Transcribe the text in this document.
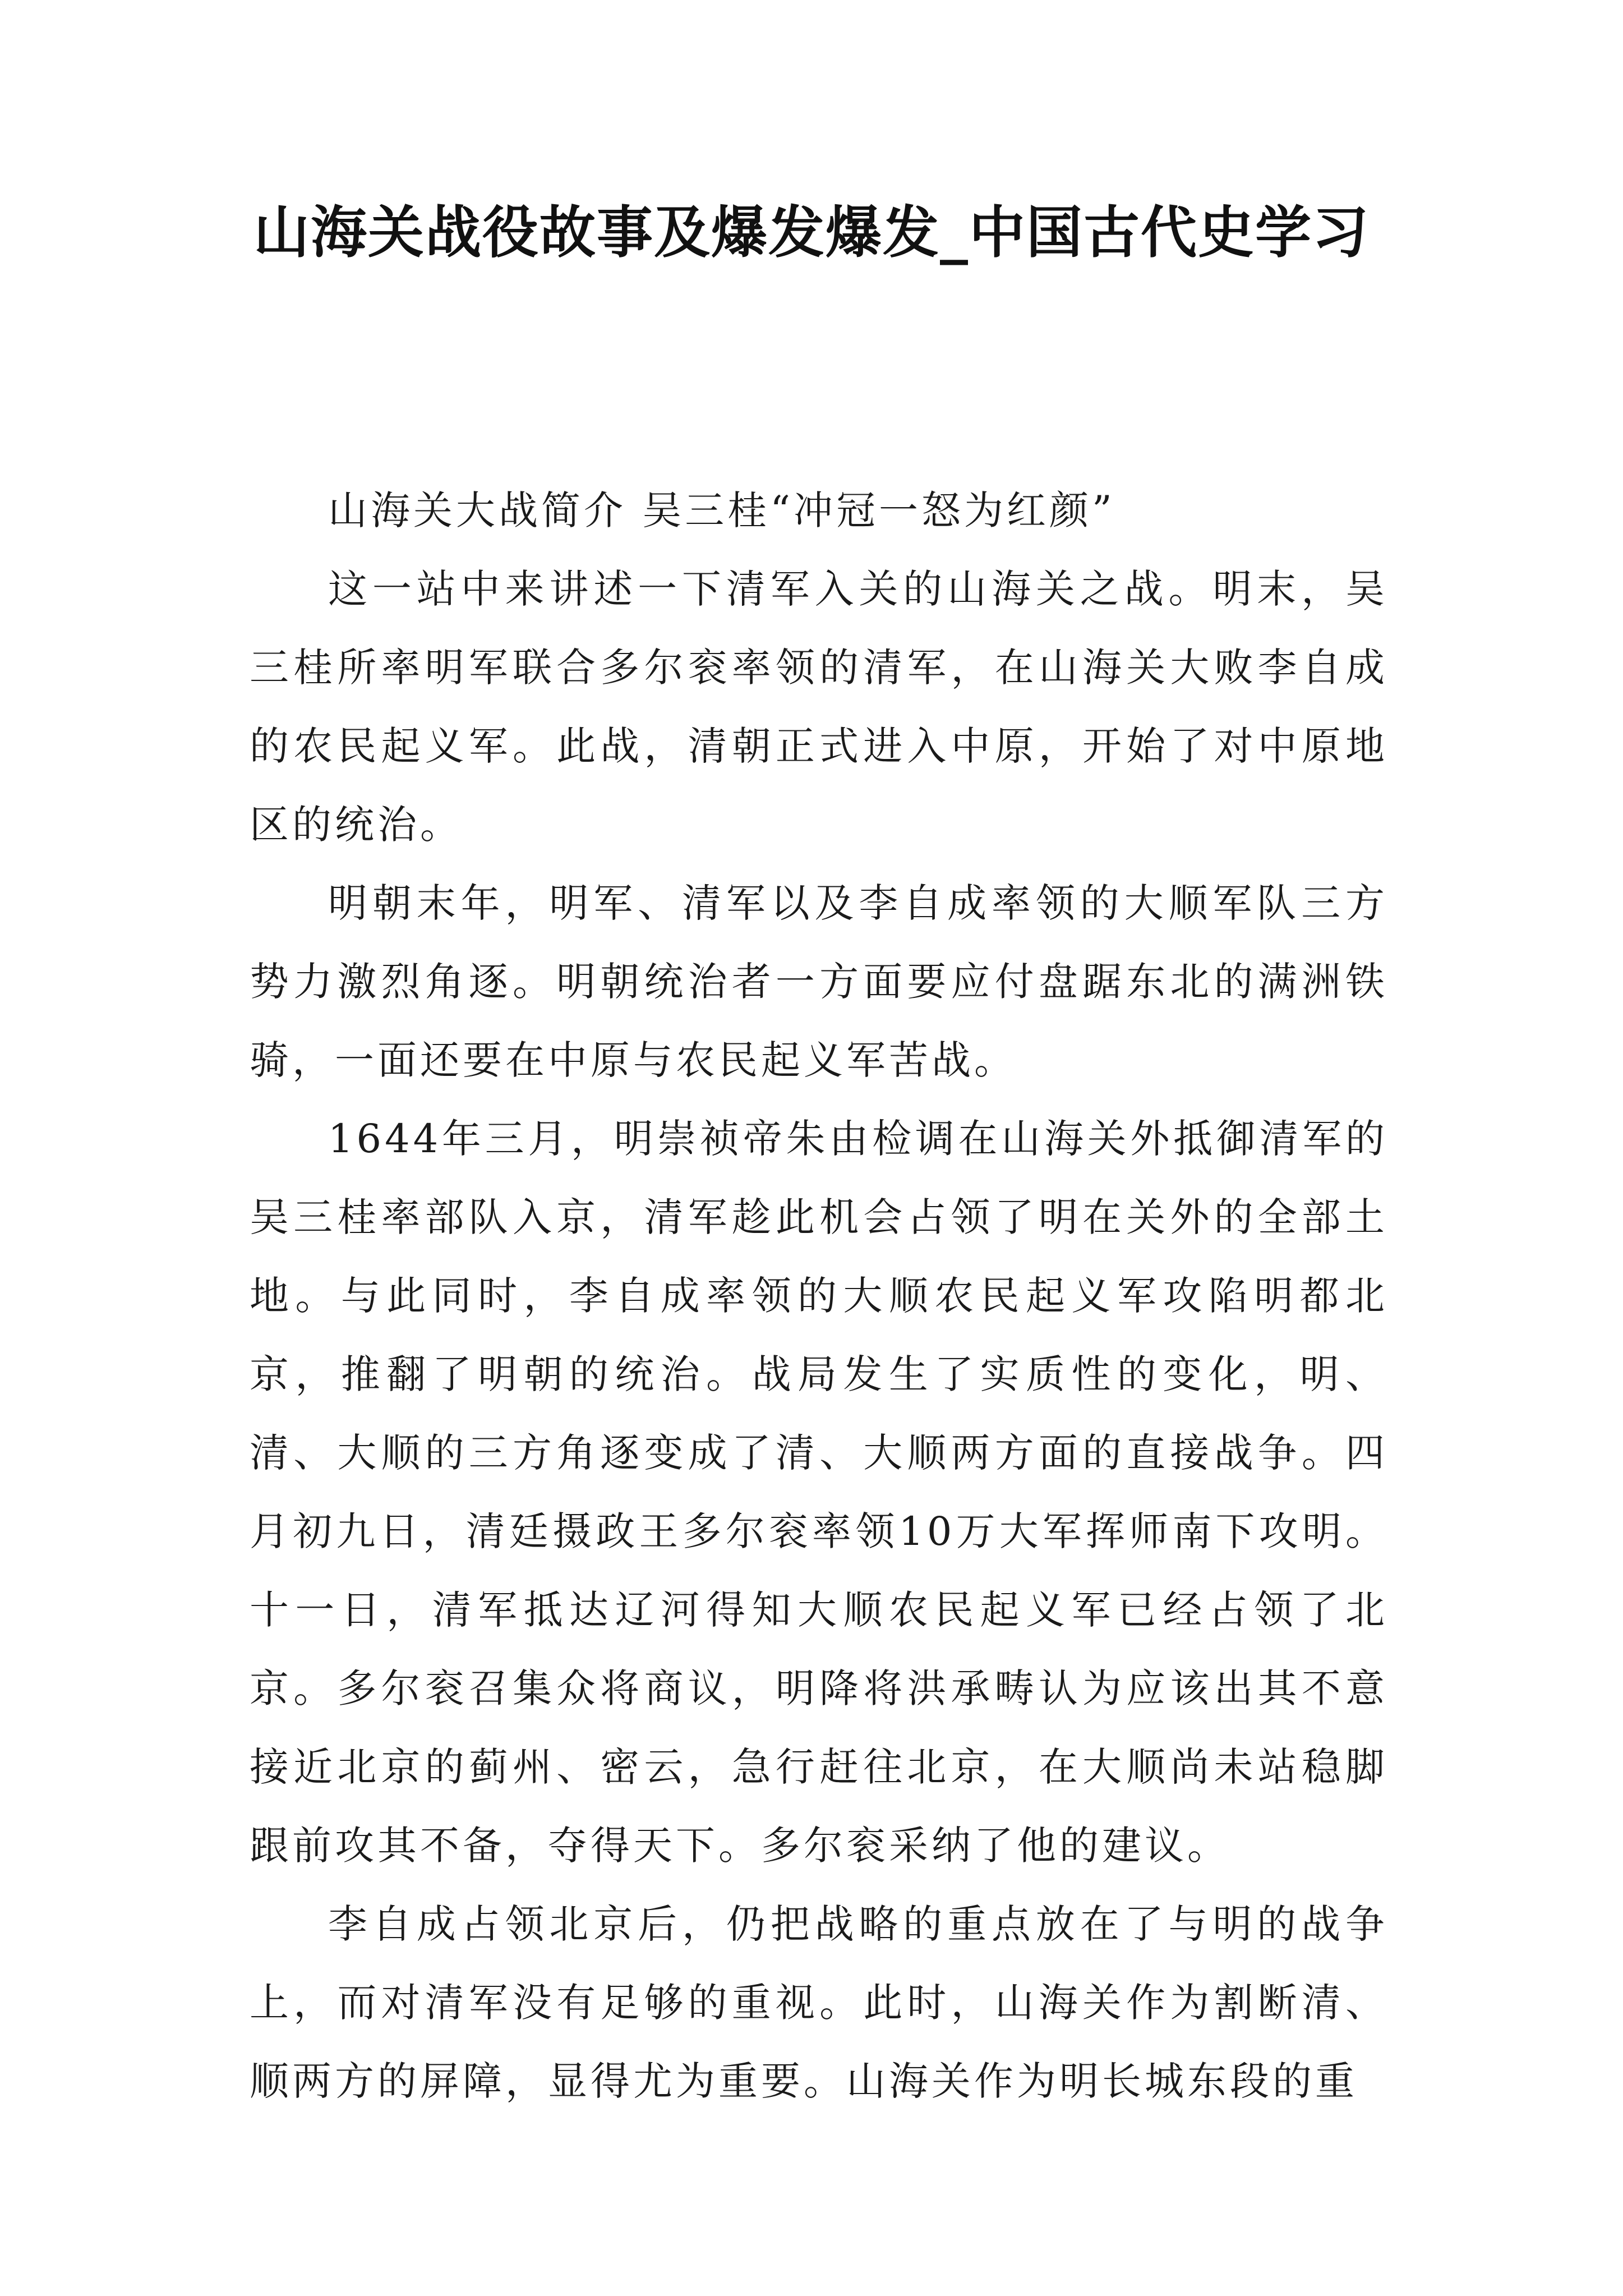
山海关战役故事及爆发爆发_中国古代史学习

山海关大战简介 吴三桂“冲冠一怒为红颜”

这一站中来讲述一下清军入关的山海关之战。明末，吴三桂所率明军联合多尔衮率领的清军，在山海关大败李自成的农民起义军。此战，清朝正式进入中原，开始了对中原地区的统治。

明朝末年，明军、清军以及李自成率领的大顺军队三方势力激烈角逐。明朝统治者一方面要应付盘踞东北的满洲铁骑，一面还要在中原与农民起义军苦战。

1644年三月，明崇祯帝朱由检调在山海关外抵御清军的吴三桂率部队入京，清军趁此机会占领了明在关外的全部土地。与此同时，李自成率领的大顺农民起义军攻陷明都北京，推翻了明朝的统治。战局发生了实质性的变化，明、清、大顺的三方角逐变成了清、大顺两方面的直接战争。四月初九日，清廷摄政王多尔衮率领10万大军挥师南下攻明。十一日，清军抵达辽河得知大顺农民起义军已经占领了北京。多尔衮召集众将商议，明降将洪承畴认为应该出其不意接近北京的蓟州、密云，急行赶往北京，在大顺尚未站稳脚跟前攻其不备，夺得天下。多尔衮采纳了他的建议。

李自成占领北京后，仍把战略的重点放在了与明的战争上，而对清军没有足够的重视。此时，山海关作为割断清、顺两方的屏障，显得尤为重要。山海关作为明长城东段的重
